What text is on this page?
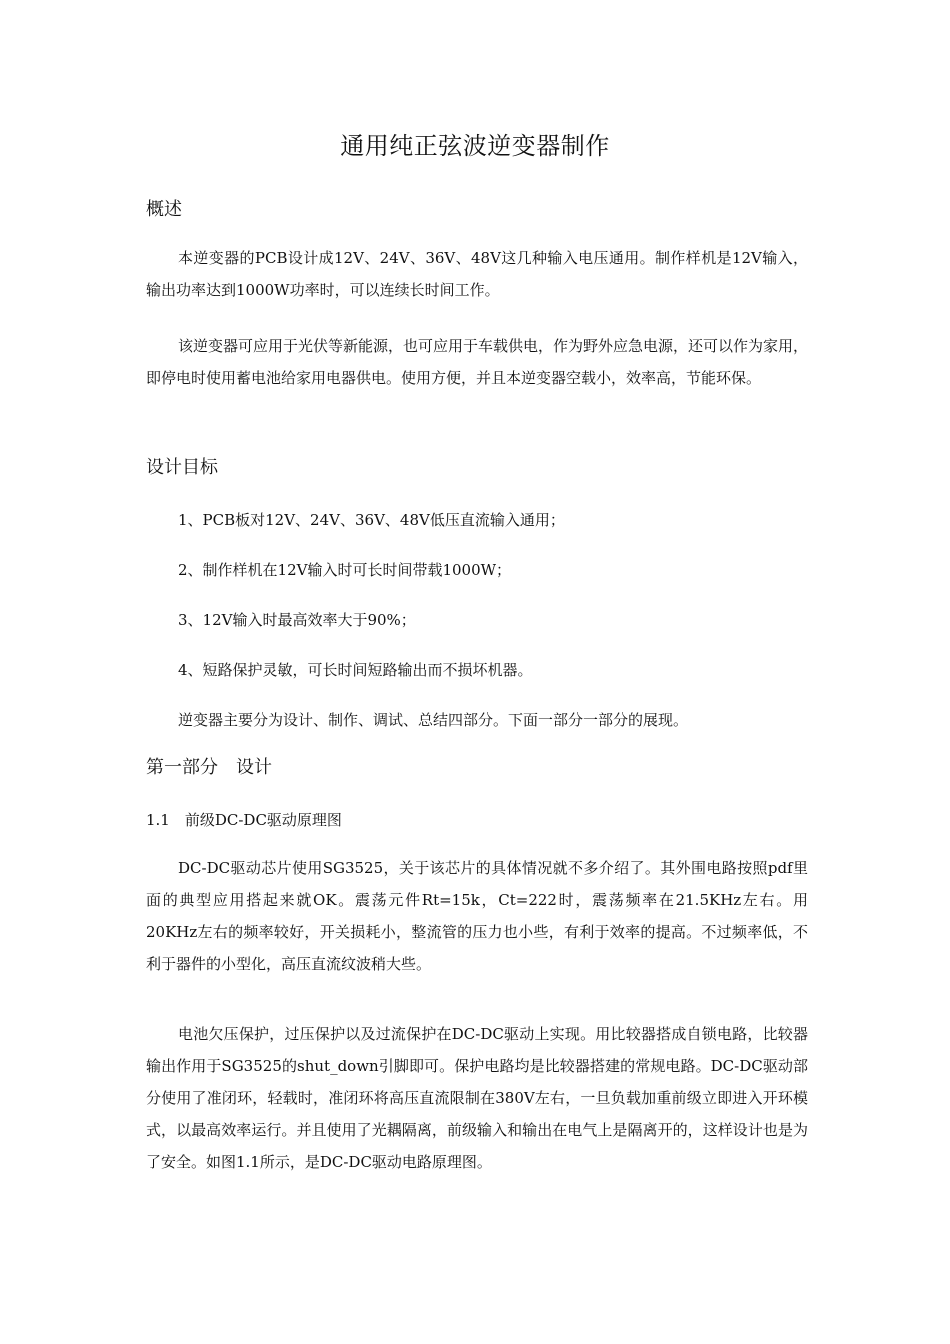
通用纯正弦波逆变器制作
概述
本逆变器的PCB设计成12V、24V、36V、48V这几种输入电压通用。制作样机是12V输入，输出功率达到1000W功率时，可以连续长时间工作。
该逆变器可应用于光伏等新能源，也可应用于车载供电，作为野外应急电源，还可以作为家用，即停电时使用蓄电池给家用电器供电。使用方便，并且本逆变器空载小，效率高，节能环保。
设计目标
1、PCB板对12V、24V、36V、48V低压直流输入通用；
2、制作样机在12V输入时可长时间带载1000W；
3、12V输入时最高效率大于90%；
4、短路保护灵敏，可长时间短路输出而不损坏机器。
逆变器主要分为设计、制作、调试、总结四部分。下面一部分一部分的展现。
第一部分　设计
1.1　前级DC-DC驱动原理图
DC-DC驱动芯片使用SG3525，关于该芯片的具体情况就不多介绍了。其外围电路按照pdf里面的典型应用搭起来就OK。震荡元件Rt=15k，Ct=222时，震荡频率在21.5KHz左右。用20KHz左右的频率较好，开关损耗小，整流管的压力也小些，有利于效率的提高。不过频率低，不利于器件的小型化，高压直流纹波稍大些。
电池欠压保护，过压保护以及过流保护在DC-DC驱动上实现。用比较器搭成自锁电路，比较器输出作用于SG3525的shut_down引脚即可。保护电路均是比较器搭建的常规电路。DC-DC驱动部分使用了准闭环，轻载时，准闭环将高压直流限制在380V左右，一旦负载加重前级立即进入开环模式，以最高效率运行。并且使用了光耦隔离，前级输入和输出在电气上是隔离开的，这样设计也是为了安全。如图1.1所示，是DC-DC驱动电路原理图。
